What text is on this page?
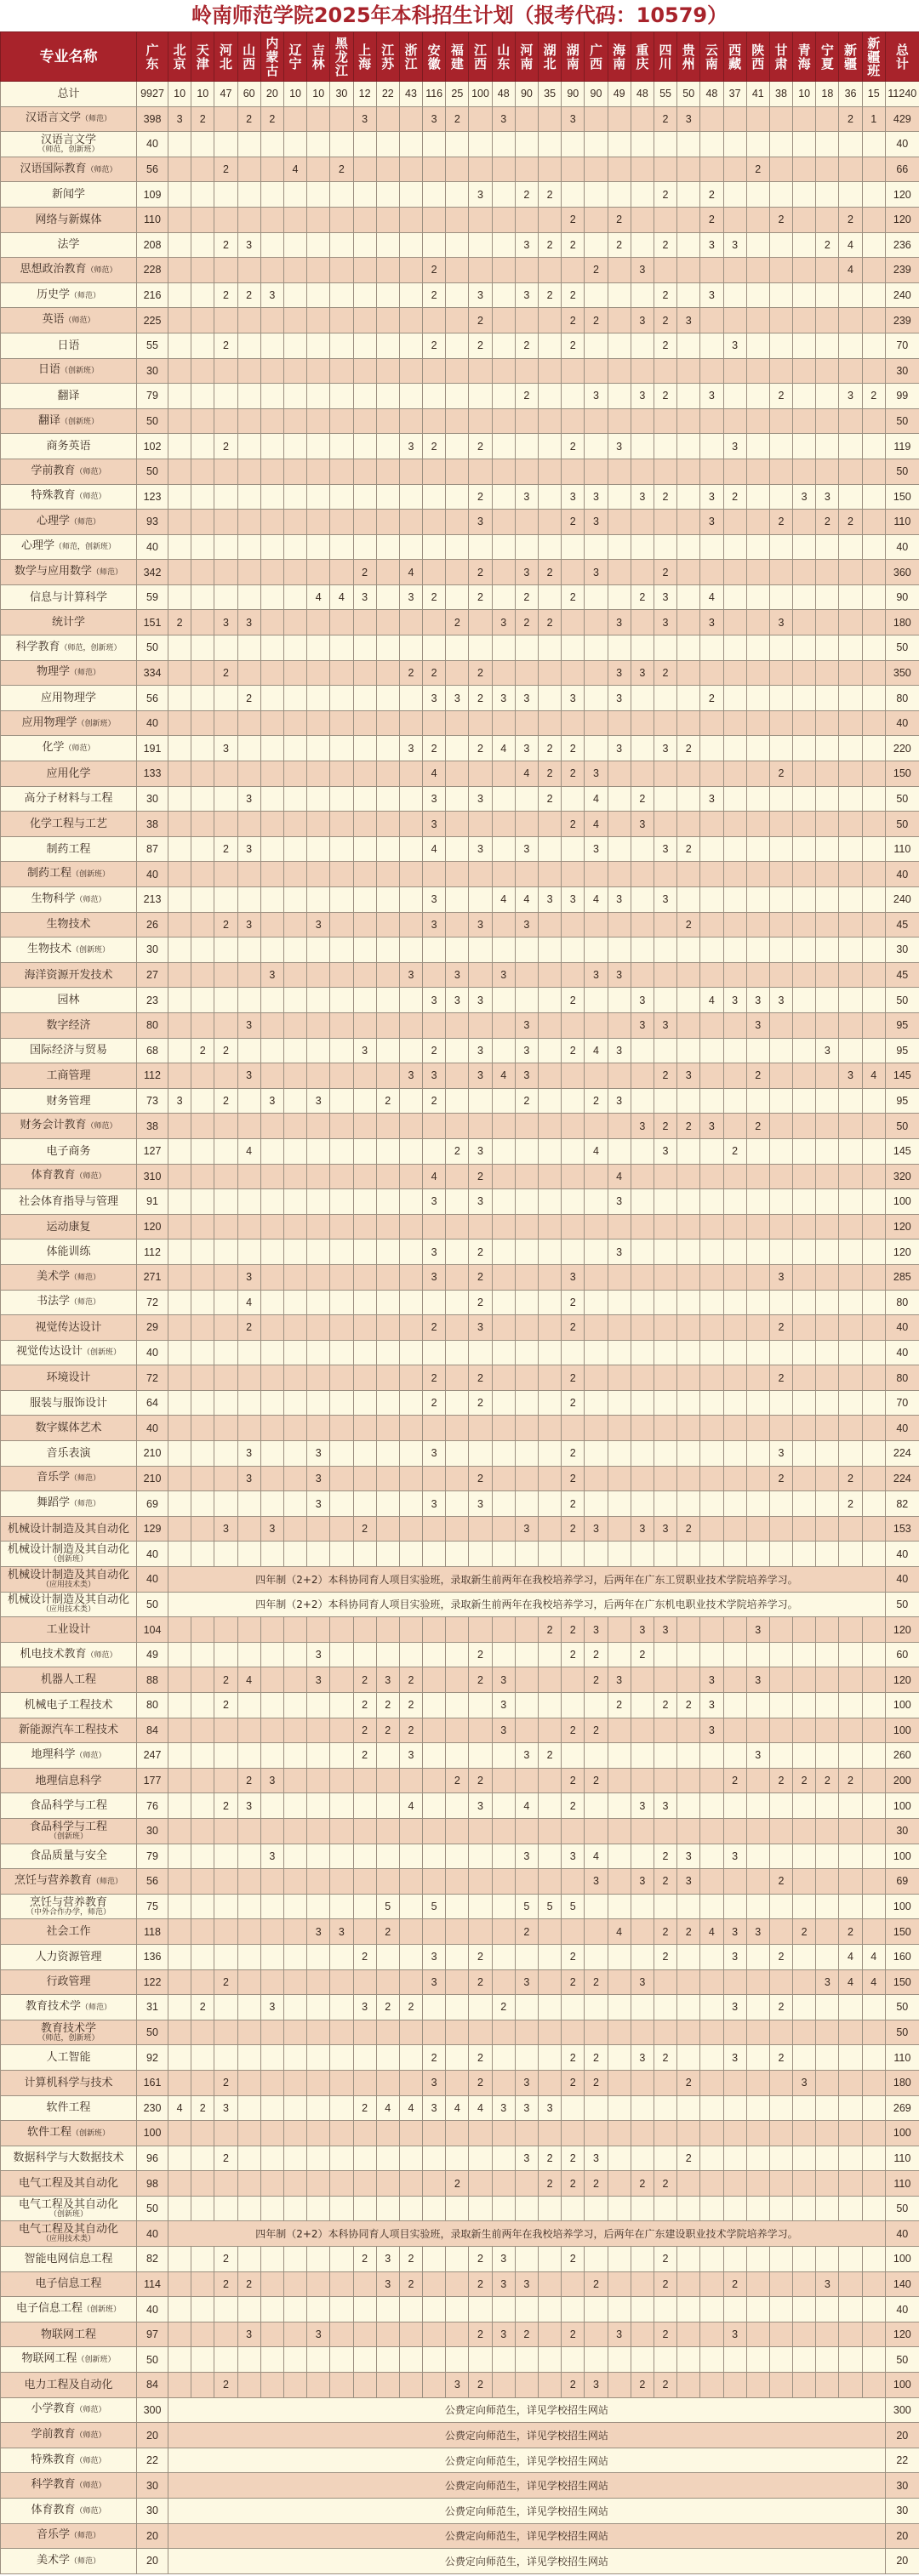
岭南师范学院2025年本科招生计划（报考代码：10579）
专业名称	广东	北京	天津	河北	山西	内蒙古	辽宁	吉林	黑龙江	上海	江苏	浙江	安徽	福建	江西	山东	河南	湖北	湖南	广西	海南	重庆	四川	贵州	云南	西藏	陕西	甘肃	青海	宁夏	新疆	新疆班	总计
总计	9927	10	10	47	60	20	10	10	30	12	22	43	116	25	100	48	90	35	90	90	49	48	55	50	48	37	41	38	10	18	36	15	11240
汉语言文学（师范）	398	3	2		2	2				3			3	2		3			3				2	3							2	1	429
汉语言文学
（师范，创新班）	40																																40
汉语国际教育（师范）	56			2			4		2																		2						66
新闻学	109														3		2	2					2		2								120
网络与新媒体	110																		2		2				2			2			2		120
法学	208			2	3												3	2	2		2		2		3	3				2	4		236
思想政治教育（师范）	228												2							2		3									4		239
历史学（师范）	216			2	2	3							2		3		3	2	2				2		3								240
英语（师范）	225														2				2	2		3	2	3									239
日语	55			2									2		2		2		2				2			3							70
日语（创新班）	30																																30
翻译	79																2			3		3	2		3			2			3	2	99
翻译（创新班）	50																																50
商务英语	102			2								3	2		2				2		3					3							119
学前教育（师范）	50																																50
特殊教育（师范）	123														2		3		3	3		3	2		3	2			3	3			150
心理学（师范）	93														3				2	3					3			2		2	2		110
心理学（师范，创新班）	40																																40
数学与应用数学（师范）	342									2		4			2		3	2		3			2										360
信息与计算科学	59							4	4	3		3	2		2		2		2			2	3		4								90
统计学	151	2		3	3									2		3	2	2			3		3		3			3					180
科学教育（师范，创新班）	50																																50
物理学（师范）	334			2								2	2		2						3	3	2										350
应用物理学	56				2								3	3	2	3	3		3		3				2								80
应用物理学（创新班）	40																																40
化学（师范）	191			3								3	2		2	4	3	2	2		3		3	2									220
应用化学	133												4				4	2	2	3								2					150
高分子材料与工程	30				3								3		3			2		4		2			3								50
化学工程与工艺	38												3						2	4		3											50
制药工程	87			2	3								4		3		3			3			3	2									110
制药工程（创新班）	40																																40
生物科学（师范）	213												3			4	4	3	3	4	3		3										240
生物技术	26			2	3			3					3		3		3							2									45
生物技术（创新班）	30																																30
海洋资源开发技术	27					3						3		3		3				3	3												45
园林	23												3	3	3				2			3			4	3	3	3					50
数字经济	80				3												3					3	3				3						95
国际经济与贸易	68		2	2						3			2		3		3		2	4	3									3			95
工商管理	112				3							3	3		3	4	3						2	3			2				3	4	145
财务管理	73	3		2		3		3			2		2				2			2	3												95
财务会计教育（师范）	38																					3	2	2	3		2						50
电子商务	127				4									2	3					4			3			2							145
体育教育（师范）	310												4		2						4												320
社会体育指导与管理	91												3		3						3												100
运动康复	120																																120
体能训练	112												3		2						3												120
美术学（师范）	271				3								3		2				3									3					285
书法学（师范）	72				4										2				2														80
视觉传达设计	29				2								2		3				2									2					40
视觉传达设计（创新班）	40																																40
环境设计	72												2		2				2									2					80
服装与服饰设计	64												2		2				2														70
数字媒体艺术	40																																40
音乐表演	210				3			3					3						2									3					224
音乐学（师范）	210				3			3							2				2									2			2		224
舞蹈学（师范）	69							3					3		3				2												2		82
机械设计制造及其自动化	129			3		3				2							3		2	3		3	3	2									153
机械设计制造及其自动化
（创新班）	40																																40
机械设计制造及其自动化
（应用技术类）	40	四年制（2+2）本科协同育人项目实验班，录取新生前两年在我校培养学习，后两年在广东工贸职业技术学院培养学习。																															40
机械设计制造及其自动化
（应用技术类）	50	四年制（2+2）本科协同育人项目实验班，录取新生前两年在我校培养学习，后两年在广东机电职业技术学院培养学习。																															50
工业设计	104																	2	2	3		3	3				3						120
机电技术教育（师范）	49							3							2				2	2		2											60
机器人工程	88			2	4			3		2	3	2			2	3				2	3				3		3						120
机械电子工程技术	80			2						2	2	2				3					2		2	2	3								100
新能源汽车工程技术	84									2	2	2				3			2	2					3								100
地理科学（师范）	247									2		3					3	2									3						260
地理信息科学	177				2	3								2	2				2	2						2		2	2	2	2		200
食品科学与工程	76			2	3							4			3		4		2			3	3										100
食品科学与工程
（创新班）	30																																30
食品质量与安全	79					3											3		3	4			2	3		3							100
烹饪与营养教育（师范）	56																			3		3	2	3				2					69
烹饪与营养教育
（中外合作办学，师范）	75										5		5				5	5	5														100
社会工作	118							3	3		2						2				4		2	2	4	3	3		2		2		150
人力资源管理	136									2			3		2				2				2			3		2			4	4	160
行政管理	122			2									3		2		3		2	2		3								3	4	4	150
教育技术学（师范）	31		2			3				3	2	2				2										3		2					50
教育技术学
（师范，创新班）	50																																50
人工智能	92												2		2				2	2		3	2			3		2					110
计算机科学与技术	161			2									3		2		3		2	2				2					3				180
软件工程	230	4	2	3						2	4	4	3	4	4	3	3	3															269
软件工程（创新班）	100																																100
数据科学与大数据技术	96			2													3	2	2	3				2									110
电气工程及其自动化	98													2				2	2	2		2	2										110
电气工程及其自动化
（创新班）	50																																50
电气工程及其自动化
（应用技术类）	40	四年制（2+2）本科协同育人项目实验班，录取新生前两年在我校培养学习，后两年在广东建设职业技术学院培养学习。																															40
智能电网信息工程	82			2						2	3	2			2	3			2				2										100
电子信息工程	114			2	2						3	2			2	3	3			2			2			2				3			140
电子信息工程（创新班）	40																																40
物联网工程	97				3			3							2	3	2		2		3		2			3							120
物联网工程（创新班）	50																																50
电力工程及自动化	84			2										3	2				2	3		2	2										100
小学教育（师范）	300	公费定向师范生，详见学校招生网站																															300
学前教育（师范）	20	公费定向师范生，详见学校招生网站																															20
特殊教育（师范）	22	公费定向师范生，详见学校招生网站																															22
科学教育（师范）	30	公费定向师范生，详见学校招生网站																															30
体育教育（师范）	30	公费定向师范生，详见学校招生网站																															30
音乐学（师范）	20	公费定向师范生，详见学校招生网站																															20
美术学（师范）	20	公费定向师范生，详见学校招生网站																															20
